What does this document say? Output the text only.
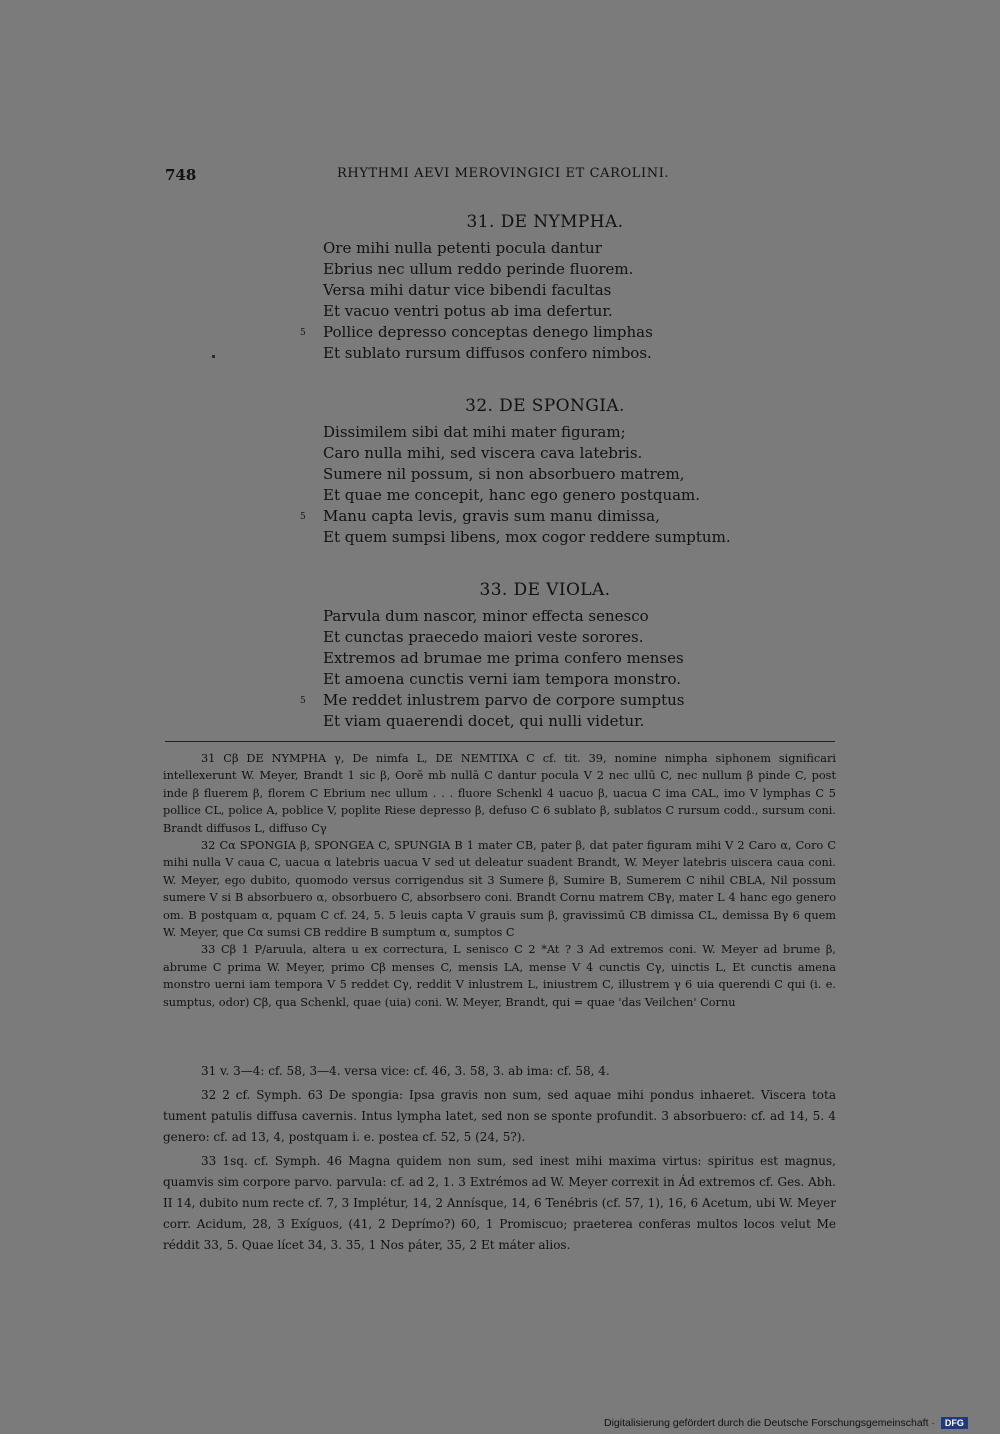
748	RHYTHMI AEVI MEROVINGICI ET CAROLINI.
31. DE NYMPHA.
Ore mihi nulla petenti pocula dantur
Ebrius nec ullum reddo perinde fluorem.
Versa mihi datur vice bibendi facultas
Et vacuo ventri potus ab ima defertur.
5 Pollice depresso conceptas denego limphas
Et sublato rursum diffusos confero nimbos.
32. DE SPONGIA.
Dissimilem sibi dat mihi mater figuram;
Caro nulla mihi, sed viscera cava latebris.
Sumere nil possum, si non absorbuero matrem,
Et quae me concepit, hanc ego genero postquam.
5 Manu capta levis, gravis sum manu dimissa,
Et quem sumpsi libens, mox cogor reddere sumptum.
33. DE VIOLA.
Parvula dum nascor, minor effecta senesco
Et cunctas praecedo maiori veste sorores.
Extremos ad brumae me prima confero menses
Et amoena cunctis verni iam tempora monstro.
5 Me reddet inlustrem parvo de corpore sumptus
Et viam quaerendi docet, qui nulli videtur.

31 Cβ DE NYMPHA γ, De nimfa L, DE NEMTIXA C cf. tit. 39, nomine nimpha siphonem significari intellexerunt W. Meyer, Brandt 1 sic β, Oorē mb nullā C dantur pocula V 2 nec ullū C, nec nullum β pinde C, post inde β fluerem β, florem C Ebrium nec ullum . . . fluore Schenkl 4 uacuo β, uacua C ima CAL, imo V lymphas C 5 pollice CL, police A, poblice V, poplite Riese depresso β, defuso C 6 sublato β, sublatos C rursum codd., sursum coni. Brandt diffusos L, diffuso Cγ

32 Cα SPONGIA β, SPONGEA C, SPUNGIA B 1 mater CB, pater β, dat pater figuram mihi V 2 Caro α, Coro C mihi nulla V caua C, uacua α latebris uacua V sed ut deleatur suadent Brandt, W. Meyer latebris uiscera caua coni. W. Meyer, ego dubito, quomodo versus corrigendus sit 3 Sumere β, Sumire B, Sumerem C nihil CBLA, Nil possum sumere V si B absorbuero α, obsorbuero C, absorbsero coni. Brandt Cornu matrem CBγ, mater L 4 hanc ego genero om. B postquam α, pquam C cf. 24, 5. 5 leuis capta V grauis sum β, gravissimū CB dimissa CL, demissa Bγ 6 quem W. Meyer, que Cα sumsi CB reddire B sumptum α, sumptos C

33 Cβ 1 P/aruula, altera u ex correctura, L senisco C 2 *At ? 3 Ad extremos coni. W. Meyer ad brume β, abrume C prima W. Meyer, primo Cβ menses C, mensis LA, mense V 4 cunctis Cγ, uinctis L, Et cunctis amena monstro uerni iam tempora V 5 reddet Cγ, reddit V inlustrem L, iniustrem C, illustrem γ 6 uia querendi C qui (i. e. sumptus, odor) Cβ, qua Schenkl, quae (uia) coni. W. Meyer, Brandt, qui = quae 'das Veilchen' Cornu

31 v. 3—4: cf. 58, 3—4. versa vice: cf. 46, 3. 58, 3. ab ima: cf. 58, 4.

32 2 cf. Symph. 63 De spongia: Ipsa gravis non sum, sed aquae mihi pondus inhaeret. Viscera tota tument patulis diffusa cavernis. Intus lympha latet, sed non se sponte profundit. 3 absorbuero: cf. ad 14, 5. 4 genero: cf. ad 13, 4, postquam i. e. postea cf. 52, 5 (24, 5?).

33 1sq. cf. Symph. 46 Magna quidem non sum, sed inest mihi maxima virtus: spiritus est magnus, quamvis sim corpore parvo. parvula: cf. ad 2, 1. 3 Extrémos ad W. Meyer correxit in Ád extremos cf. Ges. Abh. II 14, dubito num recte cf. 7, 3 Implétur, 14, 2 Annísque, 14, 6 Tenébris (cf. 57, 1), 16, 6 Acetum, ubi W. Meyer corr. Acidum, 28, 3 Exíguos, (41, 2 Deprímo?) 60, 1 Promiscuo; praeterea conferas multos locos velut Me réddit 33, 5. Quae lícet 34, 3. 35, 1 Nos páter, 35, 2 Et máter alios.

Digitalisierung gefördert durch die Deutsche Forschungsgemeinschaft · DFG
